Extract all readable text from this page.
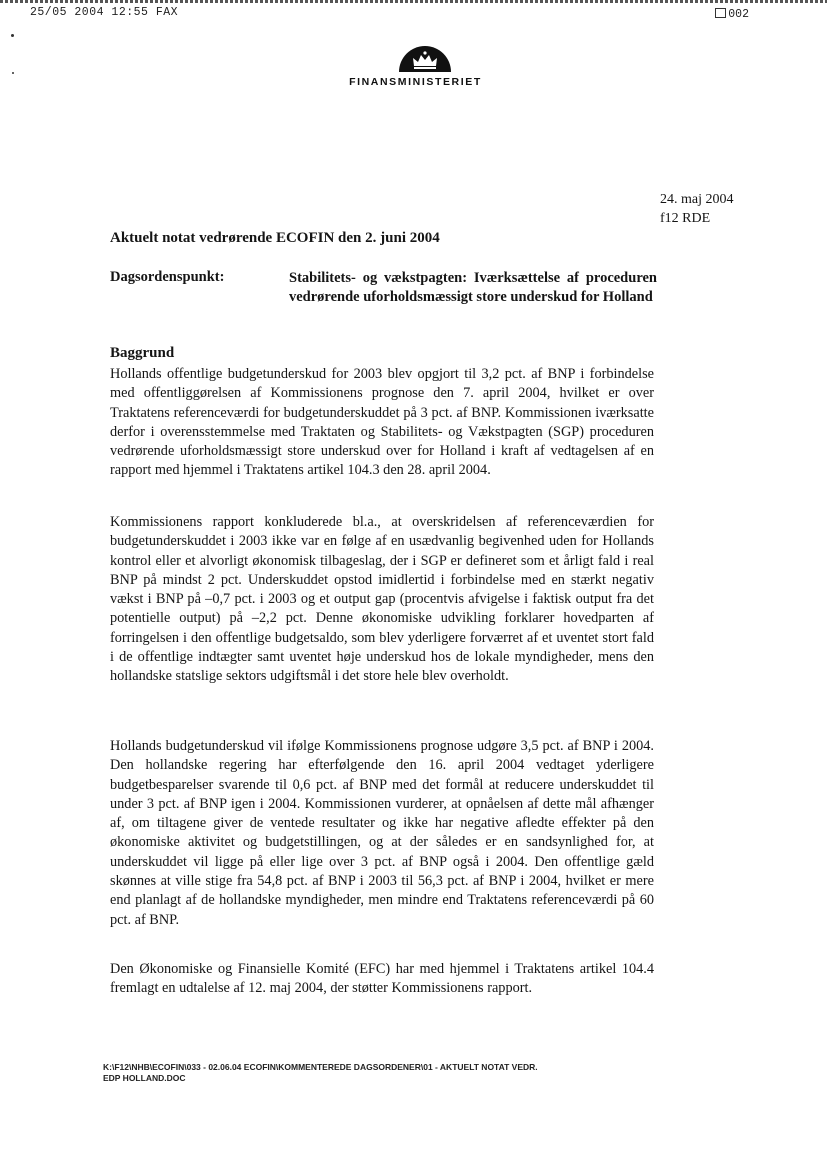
25/05 2004 12:55 FAX	002
FINANSMINISTERIET
24. maj 2004
f12 RDE
Aktuelt notat vedrørende ECOFIN den 2. juni 2004
Dagsordenspunkt:	Stabilitets- og vækstpagten: Iværksættelse af proceduren vedrørende uforholdsmæssigt store underskud for Holland
Baggrund

Hollands offentlige budgetunderskud for 2003 blev opgjort til 3,2 pct. af BNP i forbindelse med offentliggørelsen af Kommissionens prognose den 7. april 2004, hvilket er over Traktatens referenceværdi for budgetunderskuddet på 3 pct. af BNP. Kommissionen iværksatte derfor i overensstemmelse med Traktaten og Stabilitets- og Vækstpagten (SGP) proceduren vedrørende uforholdsmæssigt store underskud over for Holland i kraft af vedtagelsen af en rapport med hjemmel i Traktatens artikel 104.3 den 28. april 2004.

Kommissionens rapport konkluderede bl.a., at overskridelsen af referenceværdien for budgetunderskuddet i 2003 ikke var en følge af en usædvanlig begivenhed uden for Hollands kontrol eller et alvorligt økonomisk tilbageslag, der i SGP er defineret som et årligt fald i real BNP på mindst 2 pct. Underskuddet opstod imidlertid i forbindelse med en stærkt negativ vækst i BNP på –0,7 pct. i 2003 og et output gap (procentvis afvigelse i faktisk output fra det potentielle output) på –2,2 pct. Denne økonomiske udvikling forklarer hovedparten af forringelsen i den offentlige budgetsaldo, som blev yderligere forværret af et uventet stort fald i de offentlige indtægter samt uventet høje underskud hos de lokale myndigheder, mens den hollandske statslige sektors udgiftsmål i det store hele blev overholdt.

Hollands budgetunderskud vil ifølge Kommissionens prognose udgøre 3,5 pct. af BNP i 2004. Den hollandske regering har efterfølgende den 16. april 2004 vedtaget yderligere budgetbesparelser svarende til 0,6 pct. af BNP med det formål at reducere underskuddet til under 3 pct. af BNP igen i 2004. Kommissionen vurderer, at opnåelsen af dette mål afhænger af, om tiltagene giver de ventede resultater og ikke har negative afledte effekter på den økonomiske aktivitet og budgetstillingen, og at der således er en sandsynlighed for, at underskuddet vil ligge på eller lige over 3 pct. af BNP også i 2004. Den offentlige gæld skønnes at ville stige fra 54,8 pct. af BNP i 2003 til 56,3 pct. af BNP i 2004, hvilket er mere end planlagt af de hollandske myndigheder, men mindre end Traktatens referenceværdi på 60 pct. af BNP.

Den Økonomiske og Finansielle Komité (EFC) har med hjemmel i Traktatens artikel 104.4 fremlagt en udtalelse af 12. maj 2004, der støtter Kommissionens rapport.

K:\F12\NHB\ECOFIN\033 - 02.06.04 ECOFIN\KOMMENTEREDE DAGSORDENER\01 - AKTUELT NOTAT VEDR.
EDP HOLLAND.DOC
